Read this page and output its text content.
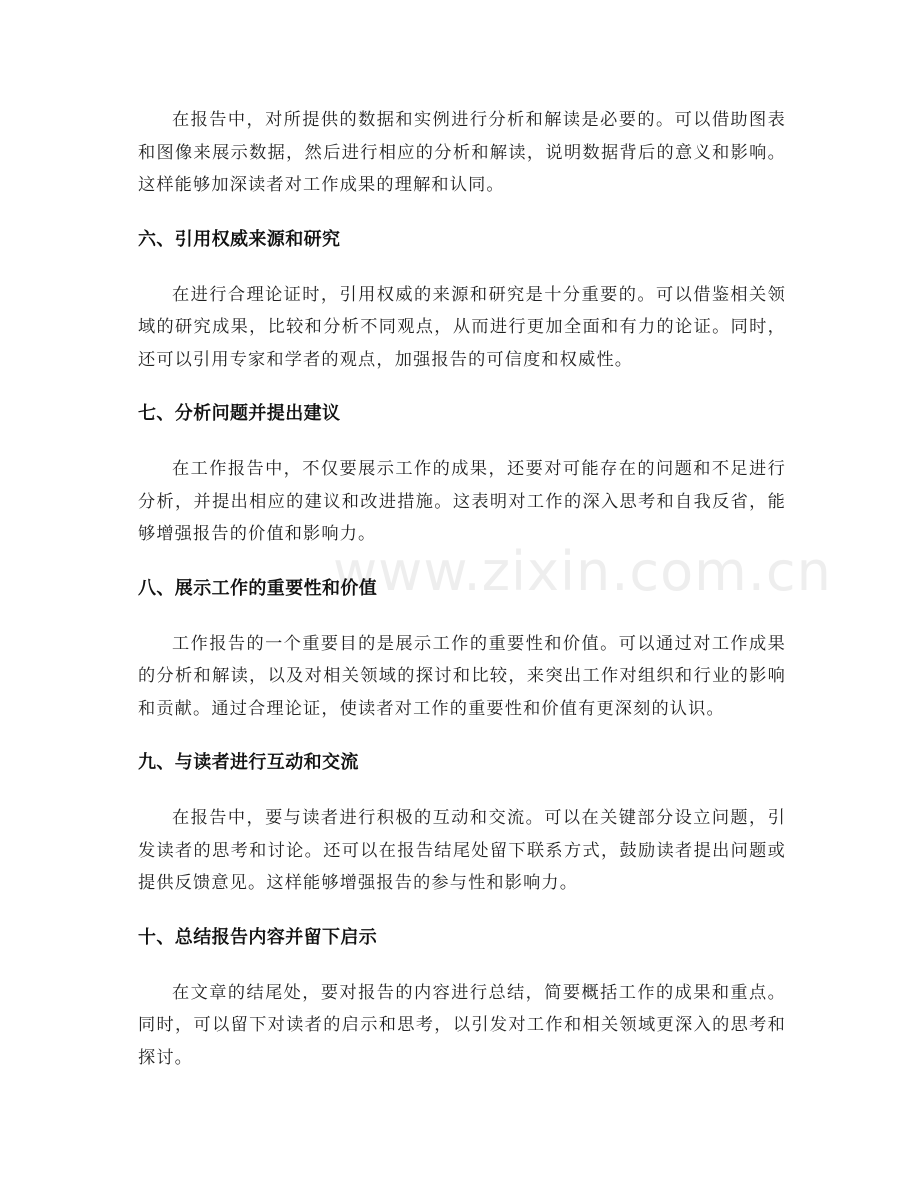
www.zixin.com.cn

在报告中，对所提供的数据和实例进行分析和解读是必要的。可以借助图表和图像来展示数据，然后进行相应的分析和解读，说明数据背后的意义和影响。这样能够加深读者对工作成果的理解和认同。

六、引用权威来源和研究

在进行合理论证时，引用权威的来源和研究是十分重要的。可以借鉴相关领域的研究成果，比较和分析不同观点，从而进行更加全面和有力的论证。同时，还可以引用专家和学者的观点，加强报告的可信度和权威性。

七、分析问题并提出建议

在工作报告中，不仅要展示工作的成果，还要对可能存在的问题和不足进行分析，并提出相应的建议和改进措施。这表明对工作的深入思考和自我反省，能够增强报告的价值和影响力。

八、展示工作的重要性和价值

工作报告的一个重要目的是展示工作的重要性和价值。可以通过对工作成果的分析和解读，以及对相关领域的探讨和比较，来突出工作对组织和行业的影响和贡献。通过合理论证，使读者对工作的重要性和价值有更深刻的认识。

九、与读者进行互动和交流

在报告中，要与读者进行积极的互动和交流。可以在关键部分设立问题，引发读者的思考和讨论。还可以在报告结尾处留下联系方式，鼓励读者提出问题或提供反馈意见。这样能够增强报告的参与性和影响力。

十、总结报告内容并留下启示

在文章的结尾处，要对报告的内容进行总结，简要概括工作的成果和重点。同时，可以留下对读者的启示和思考，以引发对工作和相关领域更深入的思考和探讨。
